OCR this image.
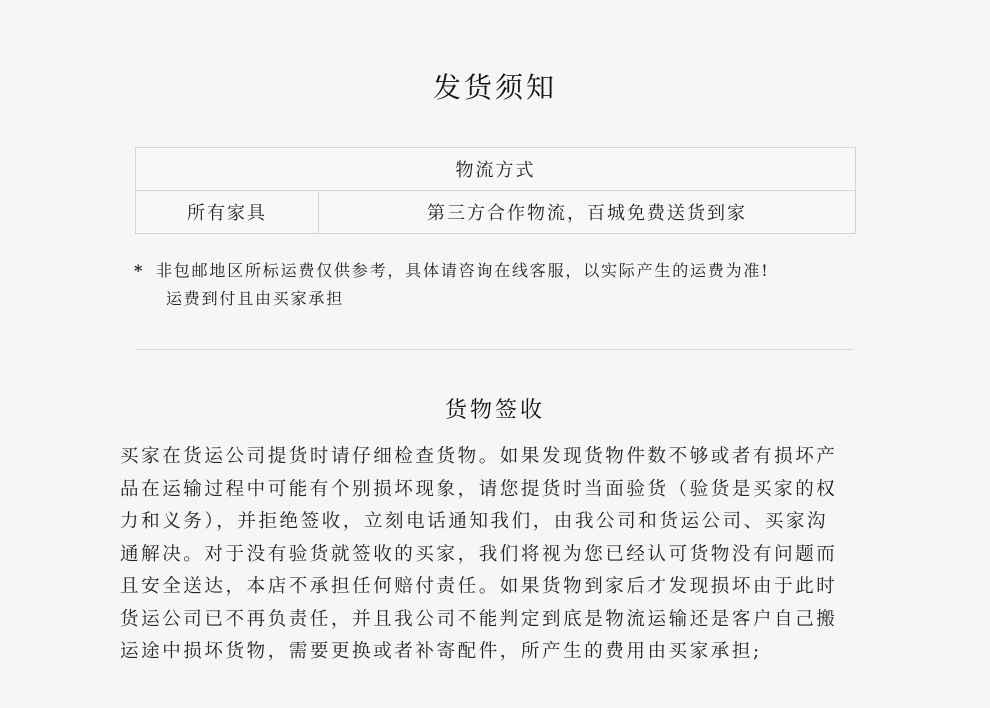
发货须知
物流方式
所有家具	第三方合作物流，百城免费送货到家
* 非包邮地区所标运费仅供参考，具体请咨询在线客服，以实际产生的运费为准!
运费到付且由买家承担
货物签收
买家在货运公司提货时请仔细检查货物。如果发现货物件数不够或者有损坏产
品在运输过程中可能有个别损坏现象，请您提货时当面验货（验货是买家的权
力和义务），并拒绝签收，立刻电话通知我们，由我公司和货运公司、买家沟
通解决。对于没有验货就签收的买家，我们将视为您已经认可货物没有问题而
且安全送达，本店不承担任何赔付责任。如果货物到家后才发现损坏由于此时
货运公司已不再负责任，并且我公司不能判定到底是物流运输还是客户自己搬
运途中损坏货物，需要更换或者补寄配件，所产生的费用由买家承担;
